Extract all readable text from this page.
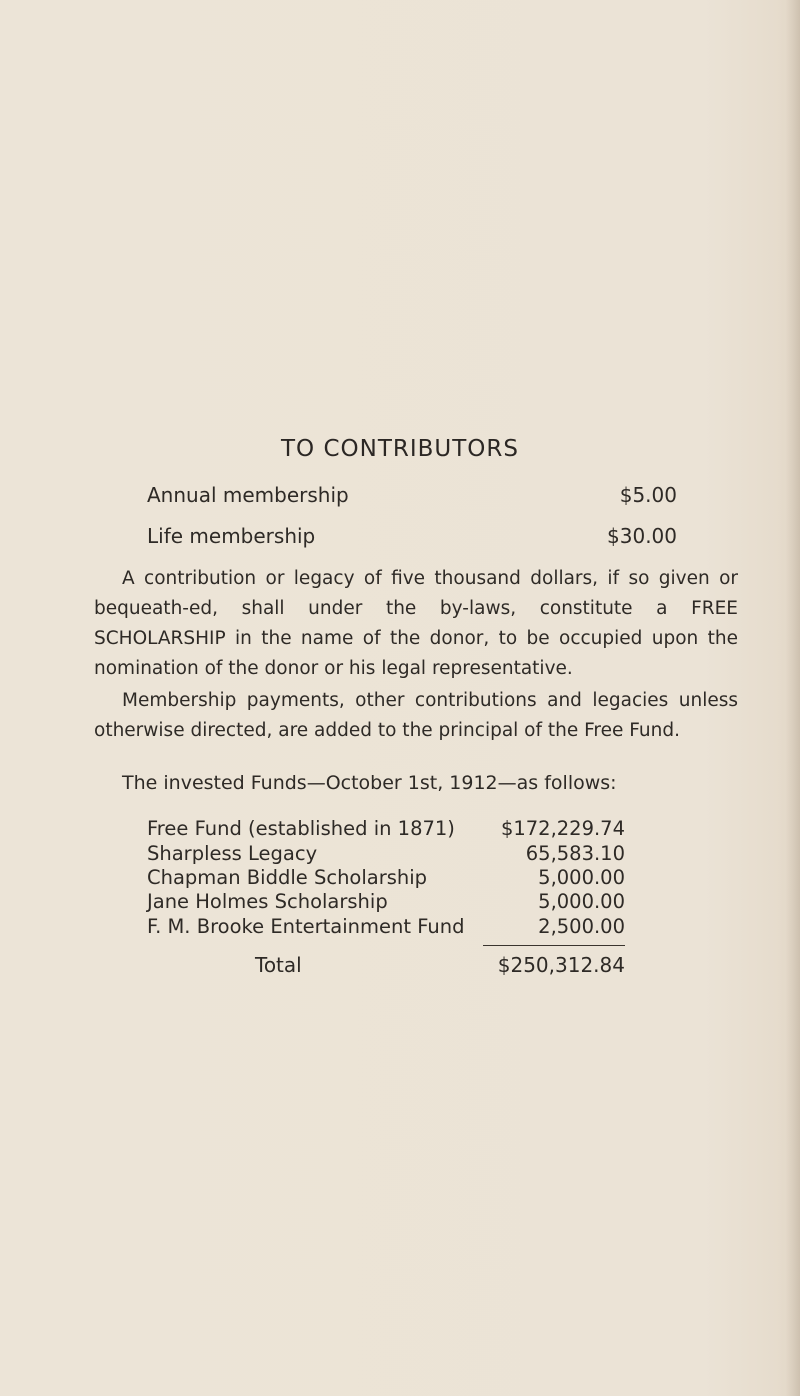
TO CONTRIBUTORS
Annual membership	$5.00
Life membership	$30.00

A contribution or legacy of five thousand dollars, if so given or bequeath-ed, shall under the by-laws, constitute a FREE SCHOLARSHIP in the name of the donor, to be occupied upon the nomination of the donor or his legal representative.

Membership payments, other contributions and legacies unless otherwise directed, are added to the principal of the Free Fund.

The invested Funds—October 1st, 1912—as follows:
Free Fund (established in 1871) $172,229.74
Sharpless Legacy	65,583.10
Chapman Biddle Scholarship	5,000.00
Jane Holmes Scholarship	5,000.00
F. M. Brooke Entertainment Fund	2,500.00
Total	$250,312.84
